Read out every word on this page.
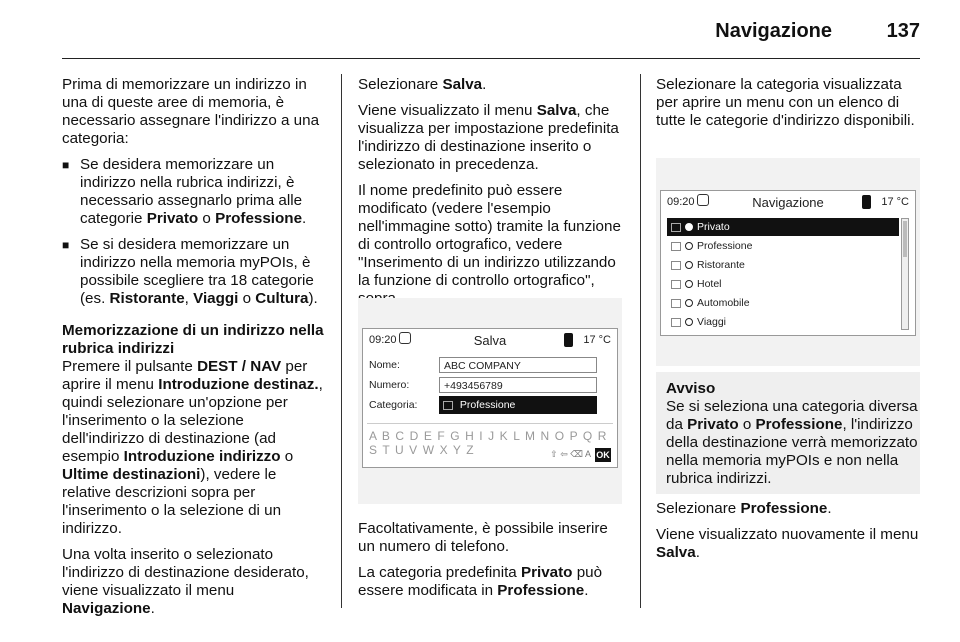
Navigazione	137

Prima di memorizzare un indirizzo in una di queste aree di memoria, è necessario assegnare l'indirizzo a una categoria:

■ Se desidera memorizzare un indirizzo nella rubrica indirizzi, è necessario assegnarlo prima alle categorie Privato o Professione.
■ Se si desidera memorizzare un indirizzo nella memoria myPOIs, è possibile scegliere tra 18 categorie (es. Ristorante, Viaggi o Cultura).

Memorizzazione di un indirizzo nella rubrica indirizzi

Premere il pulsante DEST / NAV per aprire il menu Introduzione destinaz., quindi selezionare un'opzione per l'inserimento o la selezione dell'indirizzo di destinazione (ad esempio Introduzione indirizzo o Ultime destinazioni), vedere le relative descrizioni sopra per l'inserimento o la selezione di un indirizzo.

Una volta inserito o selezionato l'indirizzo di destinazione desiderato, viene visualizzato il menu Navigazione.

Selezionare Salva.

Viene visualizzato il menu Salva, che visualizza per impostazione predefinita l'indirizzo di destinazione inserito o selezionato in precedenza.

Il nome predefinito può essere modificato (vedere l'esempio nell'immagine sotto) tramite la funzione di controllo ortografico, vedere "Inserimento di un indirizzo utilizzando la funzione di controllo ortografico",

09:20	Salva	17 °C
Nome:	ABC COMPANY
Numero:	+493456789
Categoria:	Professione
A B C D E F G H I J K L M N O P Q R S T U V W X Y Z	⇧ ⇦ ⌫ A OK

Facoltativamente, è possibile inserire un numero di telefono.

La categoria predefinita Privato può essere modificata in Professione.

Selezionare la categoria visualizzata per aprire un menu con un elenco di tutte le categorie d'indirizzo disponibili.

09:20	Navigazione	17 °C
Privato
Professione
Ristorante
Hotel
Automobile
Viaggi

Avviso

Se si seleziona una categoria diversa da Privato o Professione, l'indirizzo della destinazione verrà memorizzato nella memoria myPOIs e non nella rubrica indirizzi.

Selezionare Professione.

Viene visualizzato nuovamente il menu Salva.
